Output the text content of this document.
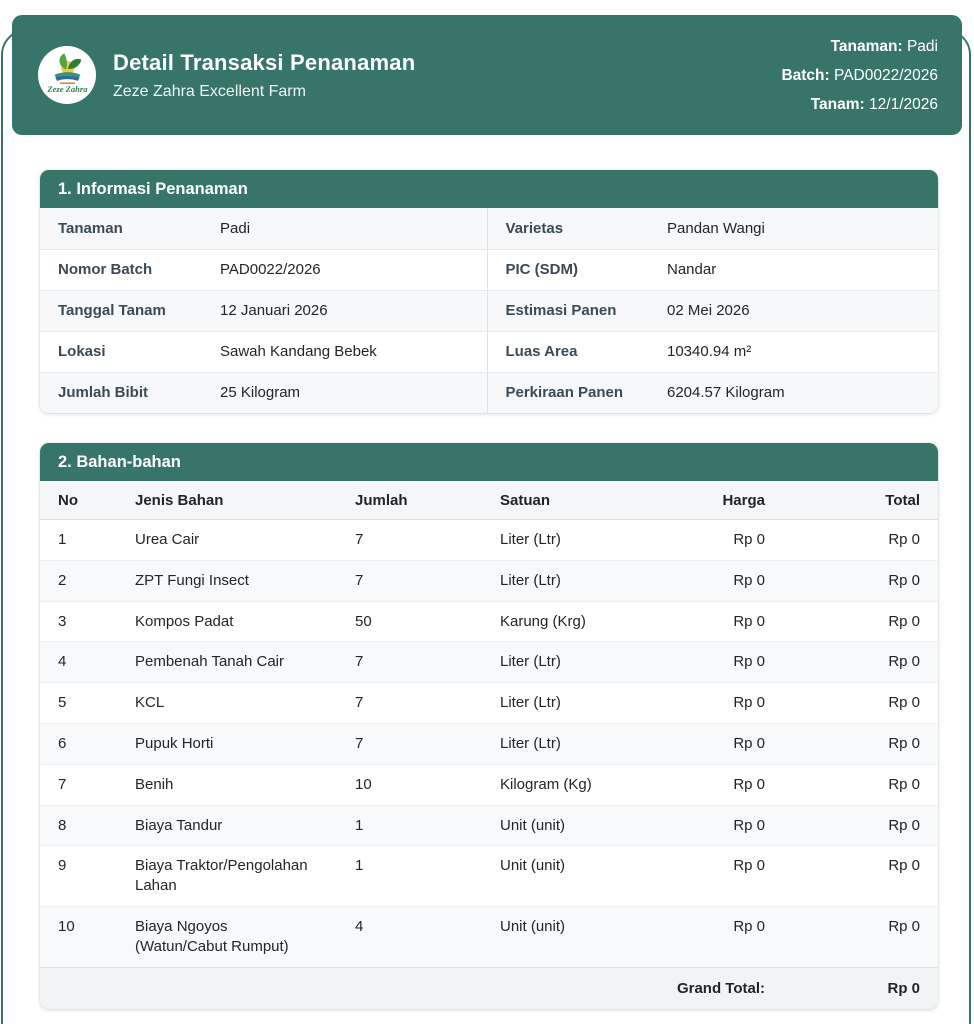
Zeze Zahra
Detail Transaksi Penanaman
Zeze Zahra Excellent Farm
Tanaman: Padi
Batch: PAD0022/2026
Tanam: 12/1/2026
1. Informasi Penanaman
Tanaman	Padi	Varietas	Pandan Wangi
Nomor Batch	PAD0022/2026	PIC (SDM)	Nandar
Tanggal Tanam	12 Januari 2026	Estimasi Panen	02 Mei 2026
Lokasi	Sawah Kandang Bebek	Luas Area	10340.94 m²
Jumlah Bibit	25 Kilogram	Perkiraan Panen	6204.57 Kilogram
2. Bahan-bahan
No	Jenis Bahan	Jumlah	Satuan	Harga	Total
1	Urea Cair	7	Liter (Ltr)	Rp 0	Rp 0
2	ZPT Fungi Insect	7	Liter (Ltr)	Rp 0	Rp 0
3	Kompos Padat	50	Karung (Krg)	Rp 0	Rp 0
4	Pembenah Tanah Cair	7	Liter (Ltr)	Rp 0	Rp 0
5	KCL	7	Liter (Ltr)	Rp 0	Rp 0
6	Pupuk Horti	7	Liter (Ltr)	Rp 0	Rp 0
7	Benih	10	Kilogram (Kg)	Rp 0	Rp 0
8	Biaya Tandur	1	Unit (unit)	Rp 0	Rp 0
9	Biaya Traktor/Pengolahan Lahan	1	Unit (unit)	Rp 0	Rp 0
10	Biaya Ngoyos (Watun/Cabut Rumput)	4	Unit (unit)	Rp 0	Rp 0
Grand Total:					Rp 0
